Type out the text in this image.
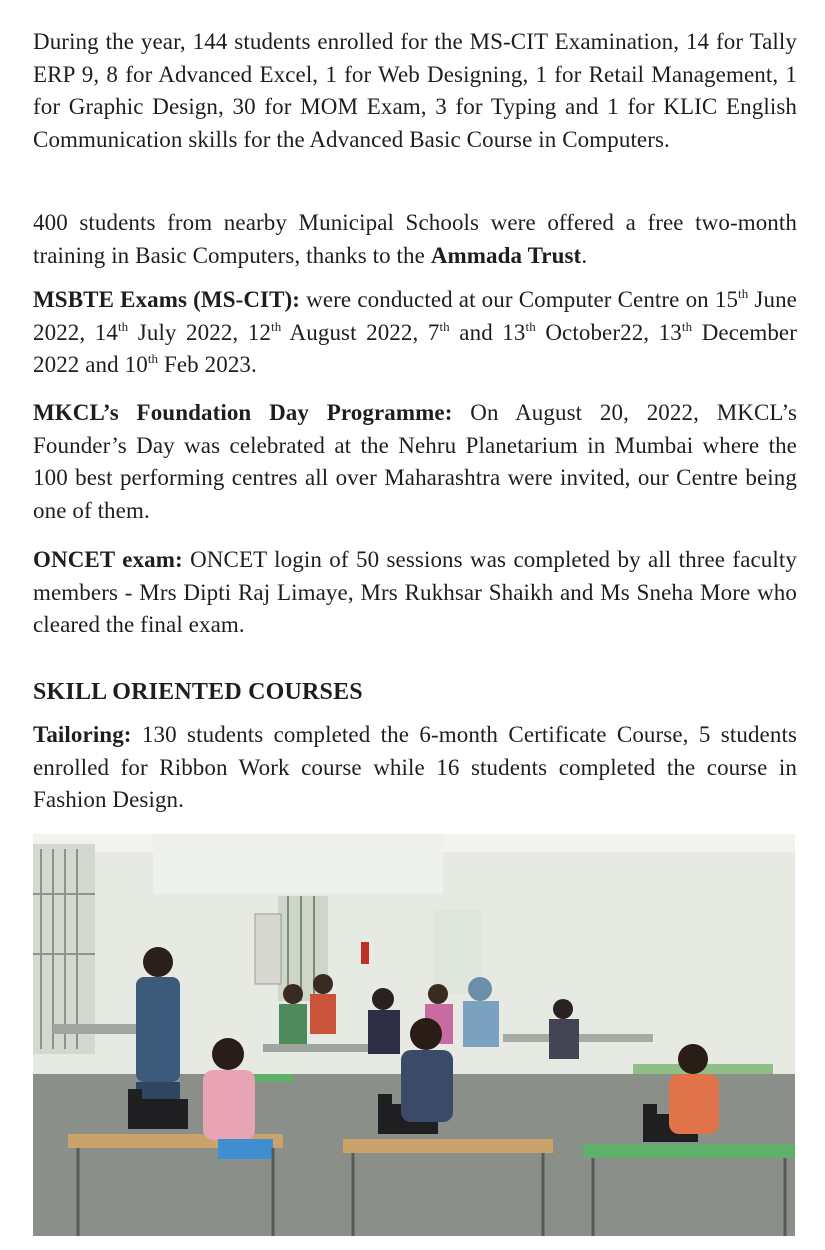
During the year, 144 students enrolled for the MS-CIT Examination, 14 for Tally ERP 9, 8 for Advanced Excel, 1 for Web Designing, 1 for Retail Management, 1 for Graphic Design, 30 for MOM Exam, 3 for Typing and 1 for KLIC English Communication skills for the Advanced Basic Course in Computers.

400 students from nearby Municipal Schools were offered a free two-month training in Basic Computers, thanks to the Ammada Trust.

MSBTE Exams (MS-CIT): were conducted at our Computer Centre on 15th June 2022, 14th July 2022, 12th August 2022, 7th and 13th October22, 13th December 2022 and 10th Feb 2023.

MKCL’s Foundation Day Programme: On August 20, 2022, MKCL’s Founder’s Day was celebrated at the Nehru Planetarium in Mumbai where the 100 best performing centres all over Maharashtra were invited, our Centre being one of them.

ONCET exam: ONCET login of 50 sessions was completed by all three faculty members - Mrs Dipti Raj Limaye, Mrs Rukhsar Shaikh and Ms Sneha More who cleared the final exam.

SKILL ORIENTED COURSES

Tailoring: 130 students completed the 6-month Certificate Course, 5 students enrolled for Ribbon Work course while 16 students completed the course in Fashion Design.
